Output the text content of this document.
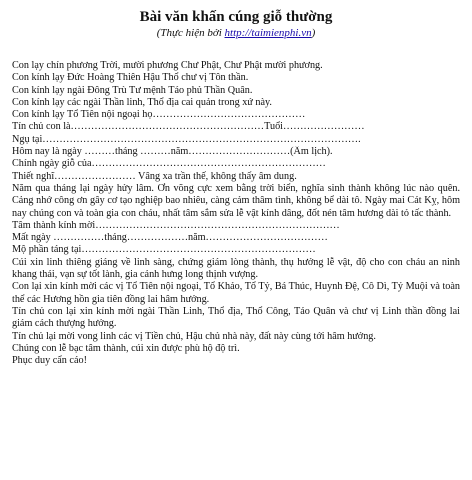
Bài văn khấn cúng giỗ thường
(Thực hiện bởi http://taimienphi.vn)
Con lạy chín phương Trời, mười phương Chư Phật, Chư Phật mười phương.
Con kính lạy Đức Hoàng Thiên Hậu Thổ chư vị Tôn thần.
Con kính lạy ngài Đông Trù Tư mệnh Táo phủ Thần Quân.
Con kính lạy các ngài Thần linh, Thổ địa cai quản trong xứ này.
Con kính lạy Tổ Tiên nội ngoại họ………………………………………
Tín chủ con là…………………………………………………Tuổi……………………
Ngụ tại………………………………………………………………………………….
Hôm nay là ngày ………tháng ………năm…………………………(Âm lịch).
Chính ngày giỗ của……………………………………………………………
Thiết nghĩ…………………… Vâng xa trần thế, không thấy âm dung.
Năm qua tháng lại ngày hửy lâm. Ơn võng cực xem bằng trời biển, nghĩa sinh thành không lúc nào quên. Cảng nhớ công ơn gây cơ tạo nghiệp bao nhiêu, càng cảm thâm tình, không bể dài tô. Ngày mai Cát Kỵ, hôm nay chúng con và toàn gia con cháu, nhất tâm sắm sửa lễ vật kính dâng, đốt nén tâm hương dài tỏ tấc thành.
Tâm thành kính mời………………………………………………………………
Mất ngày ……………tháng………………năm………………………………
Mộ phần táng tại……………………………………………………………
Cúi xin linh thiêng giáng về linh sàng, chứng giám lòng thành, thụ hưởng lễ vật, độ cho con cháu an ninh khang thái, vạn sự tốt lành, gia cảnh hưng long thịnh vượng.
Con lại xin kính mời các vị Tổ Tiên nội ngoại, Tổ Khảo, Tổ Tỷ, Bá Thúc, Huynh Đệ, Cô Dì, Tỷ Muội và toàn thể các Hương hồn gia tiên đồng lai hâm hưởng.
Tín chủ con lại xin kính mời ngài Thần Linh, Thổ địa, Thổ Công, Táo Quân và chư vị Linh thần đồng lai giám cách thượng hưởng.
Tín chủ lại mời vong linh các vị Tiền chủ, Hậu chủ nhà này, đất này cùng tới hâm hưởng.
Chúng con lễ bạc tâm thành, cúi xin được phù hộ độ trì.
Phục duy cẩn cáo!
